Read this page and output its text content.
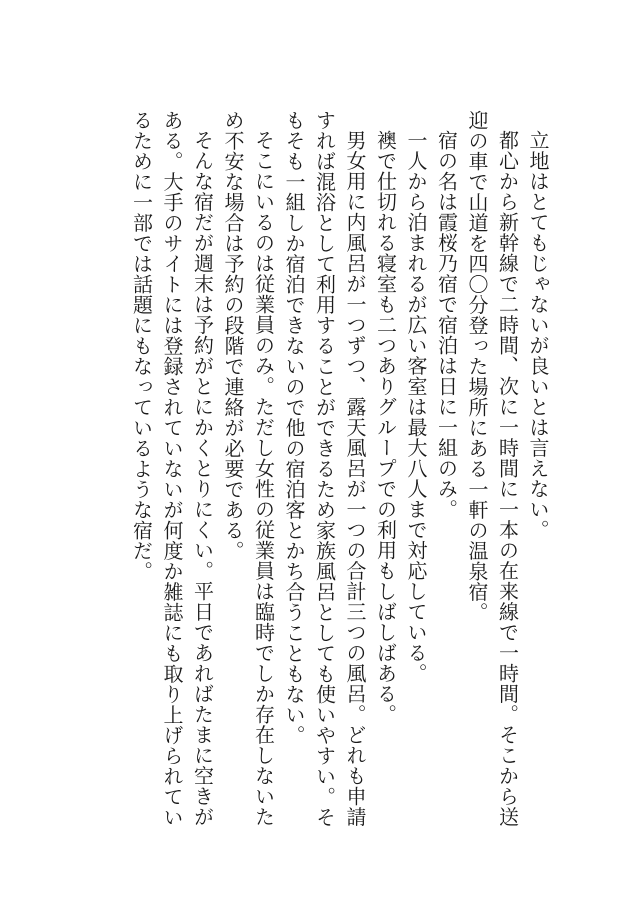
立地はとてもじゃないが良いとは言えない。

都心から新幹線で二時間、次に一時間に一本の在来線で一時間。そこから送迎の車で山道を四〇分登った場所にある一軒の温泉宿。

宿の名は霞桜乃宿で宿泊は日に一組のみ。

一人から泊まれるが広い客室は最大八人まで対応している。

襖で仕切れる寝室も二つありグループでの利用もしばしばある。

男女用に内風呂が一つずつ、露天風呂が一つの合計三つの風呂。どれも申請すれば混浴として利用することができるため家族風呂としても使いやすい。そもそも一組しか宿泊できないので他の宿泊客とかち合うこともない。

そこにいるのは従業員のみ。ただし女性の従業員は臨時でしか存在しないため不安な場合は予約の段階で連絡が必要である。

そんな宿だが週末は予約がとにかくとりにくい。平日であればたまに空きがある。大手のサイトには登録されていないが何度か雑誌にも取り上げられているために一部では話題にもなっているような宿だ。
